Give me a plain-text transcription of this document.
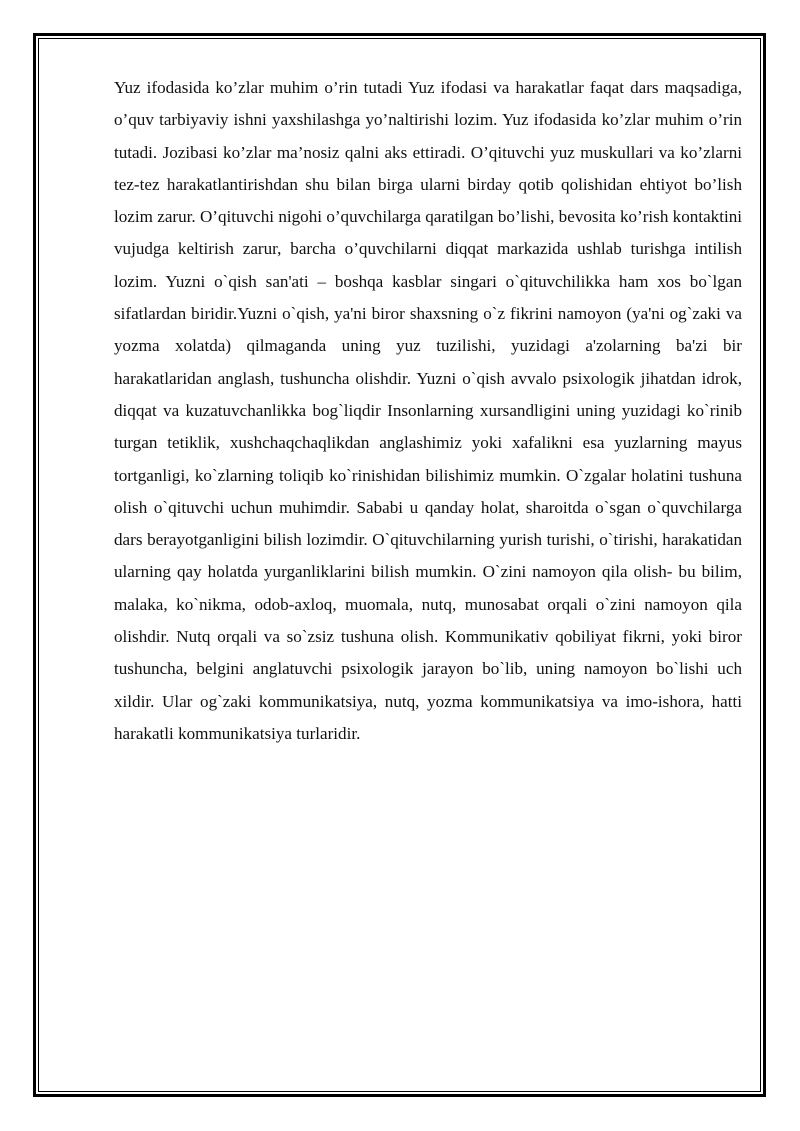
Yuz ifodasida ko’zlar muhim o’rin tutadi Yuz ifodasi va harakatlar faqat dars maqsadiga, o’quv tarbiyaviy ishni yaxshilashga yo’naltirishi lozim. Yuz ifodasida ko’zlar muhim o’rin tutadi. Jozibasi ko’zlar ma’nosiz qalni aks ettiradi. O’qituvchi yuz muskullari va ko’zlarni tez-tez harakatlantirishdan shu bilan birga ularni birday qotib qolishidan ehtiyot bo’lish lozim zarur. O’qituvchi nigohi o’quvchilarga qaratilgan bo’lishi, bevosita ko’rish kontaktini vujudga keltirish zarur, barcha o’quvchilarni diqqat markazida ushlab turishga intilish lozim. Yuzni o`qish san'ati – boshqa kasblar singari o`qituvchilikka ham xos bo`lgan sifatlardan biridir.Yuzni o`qish, ya'ni biror shaxsning o`z fikrini namoyon (ya'ni og`zaki va yozma xolatda) qilmaganda uning yuz tuzilishi, yuzidagi a'zolarning ba'zi bir harakatlaridan anglash, tushuncha olishdir. Yuzni o`qish avvalo psixologik jihatdan idrok, diqqat va kuzatuvchanlikka bog`liqdir Insonlarning xursandligini uning yuzidagi ko`rinib turgan tetiklik, xushchaqchaqlikdan anglashimiz yoki xafalikni esa yuzlarning mayus tortganligi, ko`zlarning toliqib ko`rinishidan bilishimiz mumkin. O`zgalar holatini tushuna olish o`qituvchi uchun muhimdir. Sababi u qanday holat, sharoitda o`sgan o`quvchilarga dars berayotganligini bilish lozimdir. O`qituvchilarning yurish turishi, o`tirishi, harakatidan ularning qay holatda yurganliklarini bilish mumkin. O`zini namoyon qila olish- bu bilim, malaka, ko`nikma, odob-axloq, muomala, nutq, munosabat orqali o`zini namoyon qila olishdir. Nutq orqali va so`zsiz tushuna olish. Kommunikativ qobiliyat fikrni, yoki biror tushuncha, belgini anglatuvchi psixologik jarayon bo`lib, uning namoyon bo`lishi uch xildir. Ular og`zaki kommunikatsiya, nutq, yozma kommunikatsiya va imo-ishora, hatti harakatli kommunikatsiya turlaridir.
